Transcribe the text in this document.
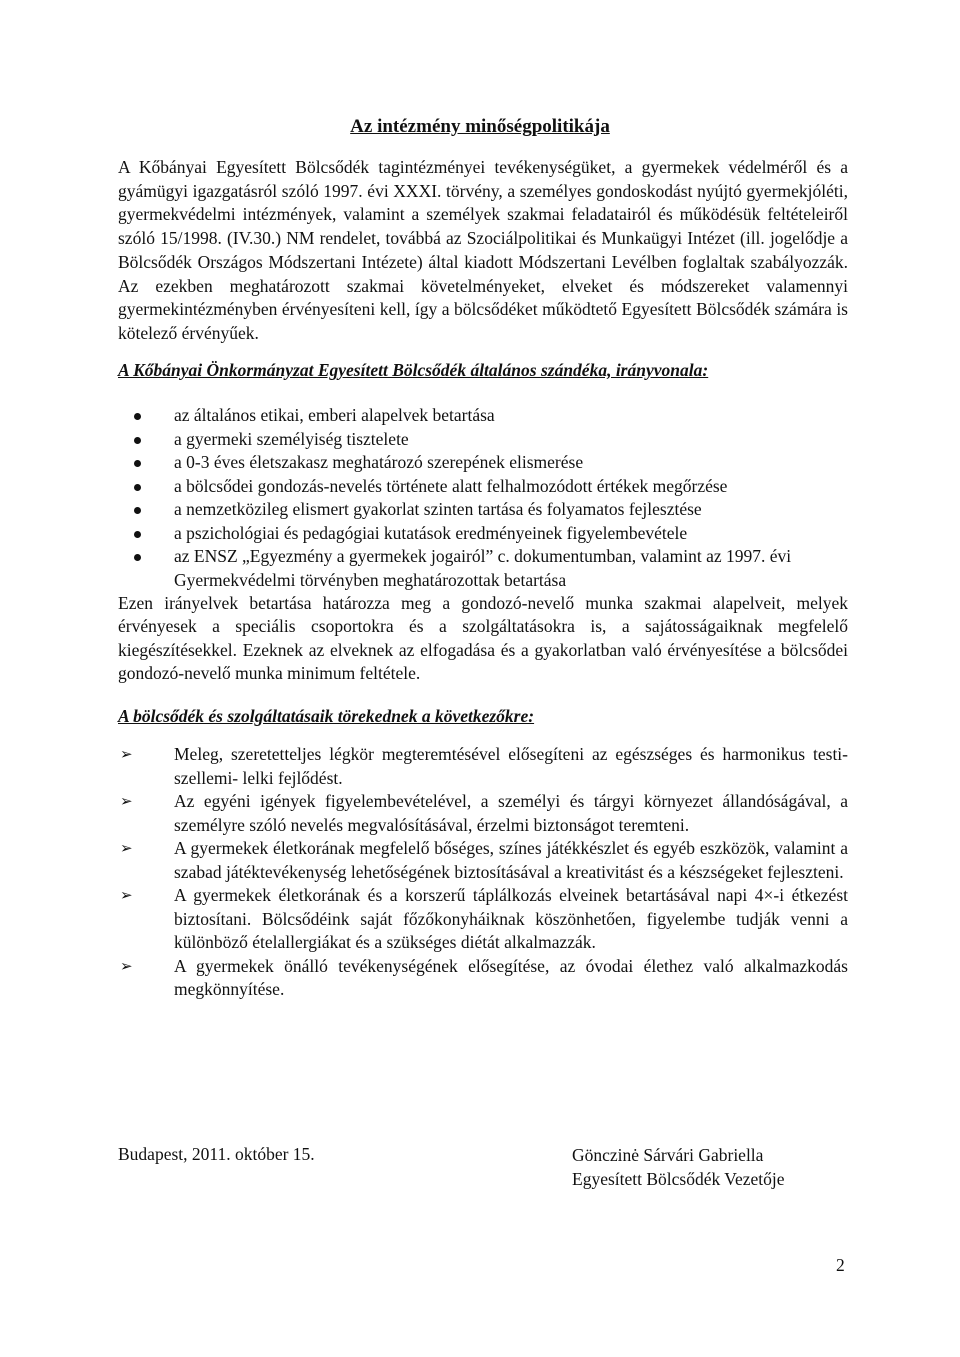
Az intézmény minőségpolitikája

A Kőbányai Egyesített Bölcsődék tagintézményei tevékenységüket, a gyermekek védelméről és a gyámügyi igazgatásról szóló 1997. évi XXXI. törvény, a személyes gondoskodást nyújtó gyermekjóléti, gyermekvédelmi intézmények, valamint a személyek szakmai feladatairól és működésük feltételeiről szóló 15/1998. (IV.30.) NM rendelet, továbbá az Szociálpolitikai és Munkaügyi Intézet (ill. jogelődje a Bölcsődék Országos Módszertani Intézete) által kiadott Módszertani Levélben foglaltak szabályozzák. Az ezekben meghatározott szakmai követelményeket, elveket és módszereket valamennyi gyermekintézményben érvényesíteni kell, így a bölcsődéket működtető Egyesített Bölcsődék számára is kötelező érvényűek.

A Kőbányai Önkormányzat Egyesített Bölcsődék általános szándéka, irányvonala:

az általános etikai, emberi alapelvek betartása
a gyermeki személyiség tisztelete
a 0-3 éves életszakasz meghatározó szerepének elismerése
a bölcsődei gondozás-nevelés története alatt felhalmozódott értékek megőrzése
a nemzetközileg elismert gyakorlat szinten tartása és folyamatos fejlesztése
a pszichológiai és pedagógiai kutatások eredményeinek figyelembevétele
az ENSZ „Egyezmény a gyermekek jogairól” c. dokumentumban, valamint az 1997. évi Gyermekvédelmi törvényben meghatározottak betartása

Ezen irányelvek betartása határozza meg a gondozó-nevelő munka szakmai alapelveit, melyek érvényesek a speciális csoportokra és a szolgáltatásokra is, a sajátosságaiknak megfelelő kiegészítésekkel. Ezeknek az elveknek az elfogadása és a gyakorlatban való érvényesítése a bölcsődei gondozó-nevelő munka minimum feltétele.

A bölcsődék és szolgáltatásaik törekednek a következőkre:

➢ Meleg, szeretetteljes légkör megteremtésével elősegíteni az egészséges és harmonikus testi- szellemi- lelki fejlődést.
➢ Az egyéni igények figyelembevételével, a személyi és tárgyi környezet állandóságával, a személyre szóló nevelés megvalósításával, érzelmi biztonságot teremteni.
➢ A gyermekek életkorának megfelelő bőséges, színes játékkészlet és egyéb eszközök, valamint a szabad játéktevékenység lehetőségének biztosításával a kreativitást és a készségeket fejleszteni.
➢ A gyermekek életkorának és a korszerű táplálkozás elveinek betartásával napi 4×-i étkezést biztosítani. Bölcsődéink saját főzőkonyháiknak köszönhetően, figyelembe tudják venni a különböző ételallergiákat és a szükséges diétát alkalmazzák.
➢ A gyermekek önálló tevékenységének elősegítése, az óvodai élethez való alkalmazkodás megkönnyítése.

Budapest, 2011. október 15.	Gönczinė Sárvári Gabriella
Egyesített Bölcsődék Vezetője
2
